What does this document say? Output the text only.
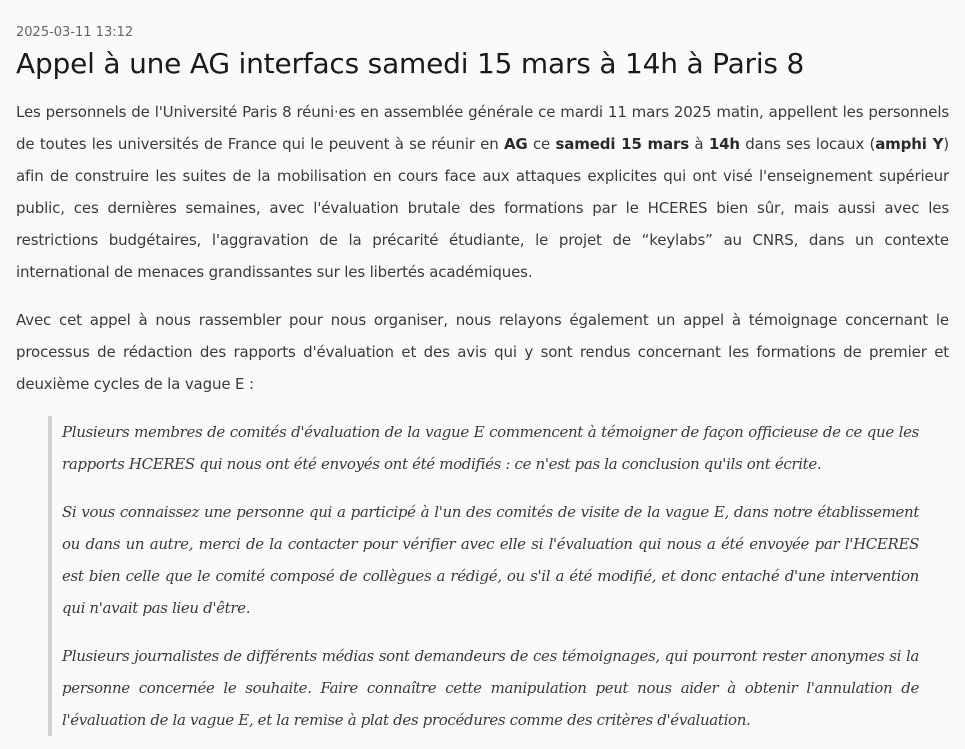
2025-03-11 13:12
Appel à une AG interfacs samedi 15 mars à 14h à Paris 8

Les personnels de l'Université Paris 8 réuni·es en assemblée générale ce mardi 11 mars 2025 matin, appellent les personnels de toutes les universités de France qui le peuvent à se réunir en AG ce samedi 15 mars à 14h dans ses locaux (amphi Y) afin de construire les suites de la mobilisation en cours face aux attaques explicites qui ont visé l'enseignement supérieur public, ces dernières semaines, avec l'évaluation brutale des formations par le HCERES bien sûr, mais aussi avec les restrictions budgétaires, l'aggravation de la précarité étudiante, le projet de “keylabs” au CNRS, dans un contexte international de menaces grandissantes sur les libertés académiques.

Avec cet appel à nous rassembler pour nous organiser, nous relayons également un appel à témoignage concernant le processus de rédaction des rapports d'évaluation et des avis qui y sont rendus concernant les formations de premier et deuxième cycles de la vague E :

Plusieurs membres de comités d'évaluation de la vague E commencent à témoigner de façon officieuse de ce que les rapports HCERES qui nous ont été envoyés ont été modifiés : ce n'est pas la conclusion qu'ils ont écrite.

Si vous connaissez une personne qui a participé à l'un des comités de visite de la vague E, dans notre établissement ou dans un autre, merci de la contacter pour vérifier avec elle si l'évaluation qui nous a été envoyée par l'HCERES est bien celle que le comité composé de collègues a rédigé, ou s'il a été modifié, et donc entaché d'une intervention qui n'avait pas lieu d'être.

Plusieurs journalistes de différents médias sont demandeurs de ces témoignages, qui pourront rester anonymes si la personne concernée le souhaite. Faire connaître cette manipulation peut nous aider à obtenir l'annulation de l'évaluation de la vague E, et la remise à plat des procédures comme des critères d'évaluation.
